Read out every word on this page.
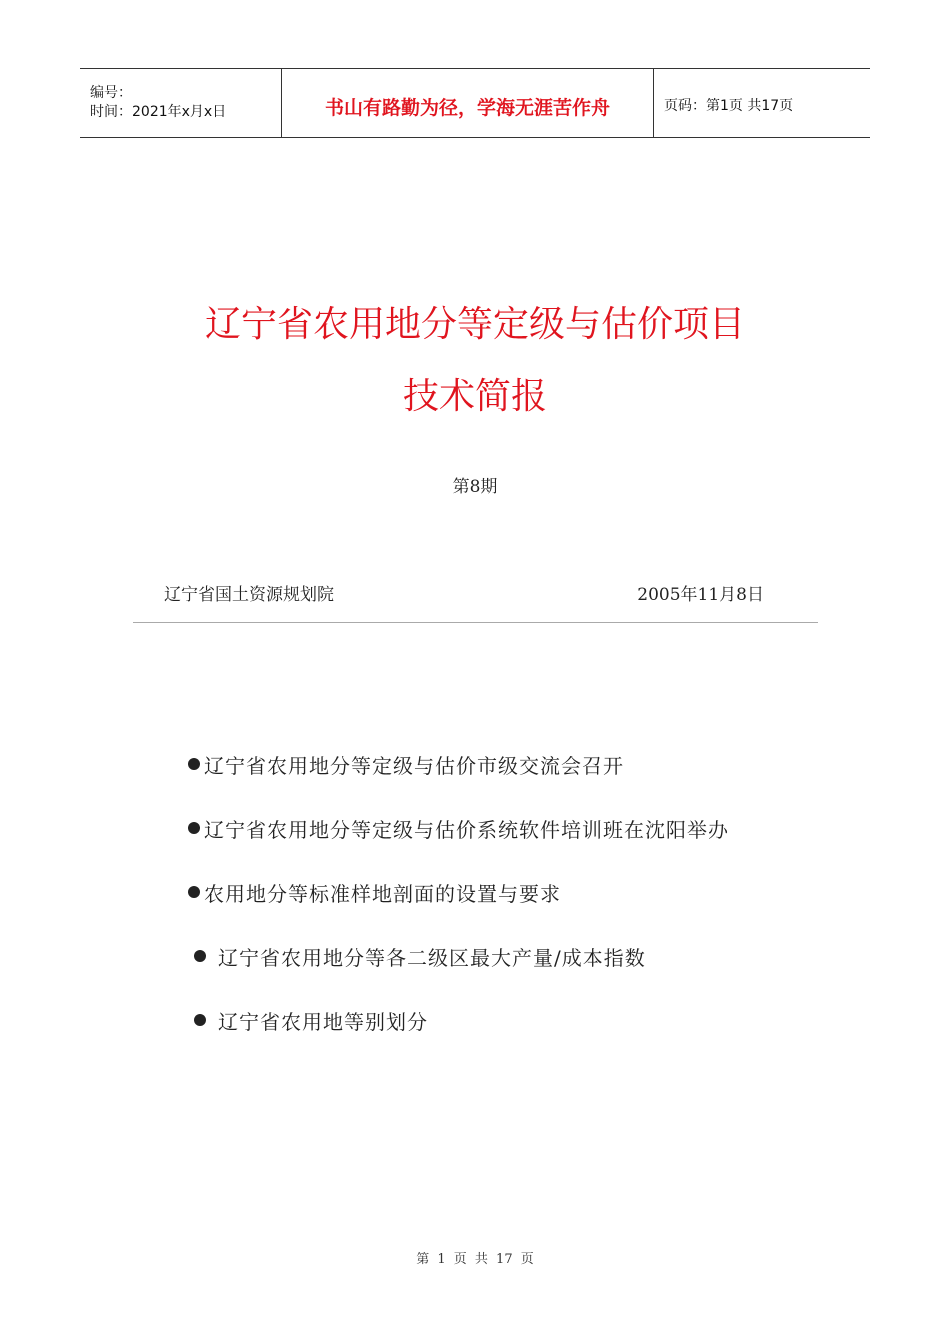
编号：
时间：2021年x月x日	书山有路勤为径，学海无涯苦作舟	页码：第1页 共17页
辽宁省农用地分等定级与估价项目
技术简报
第8期
辽宁省国土资源规划院	2005年11月8日
辽宁省农用地分等定级与估价市级交流会召开
辽宁省农用地分等定级与估价系统软件培训班在沈阳举办
农用地分等标准样地剖面的设置与要求
辽宁省农用地分等各二级区最大产量/成本指数
辽宁省农用地等别划分
第 1 页 共 17 页
